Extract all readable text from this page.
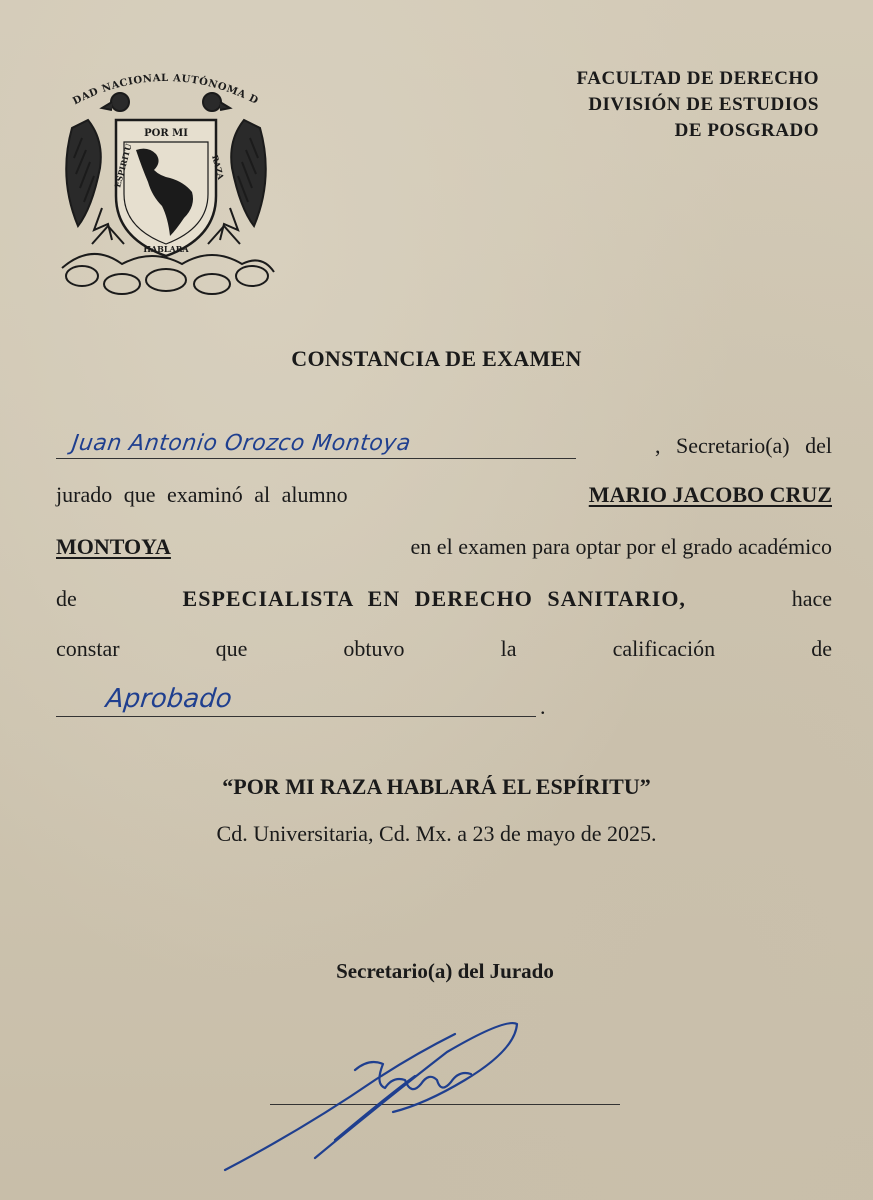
DAD NACIONAL AUTÓNOMA D
POR MI
ESPIRITU	RAZA
HABLARA
FACULTAD DE DERECHO
DIVISIÓN DE ESTUDIOS
DE POSGRADO
CONSTANCIA DE EXAMEN
Juan Antonio Orozco Montoya	, Secretario(a) del
jurado que examinó al alumno	MARIO JACOBO CRUZ
MONTOYA	en el examen para optar por el grado académico
de	ESPECIALISTA EN DERECHO SANITARIO,	hace
constar	que	obtuvo	la	calificación	de
Aprobado	.
“POR MI RAZA HABLARÁ EL ESPÍRITU”
Cd. Universitaria, Cd. Mx. a 23 de mayo de 2025.
Secretario(a) del Jurado
